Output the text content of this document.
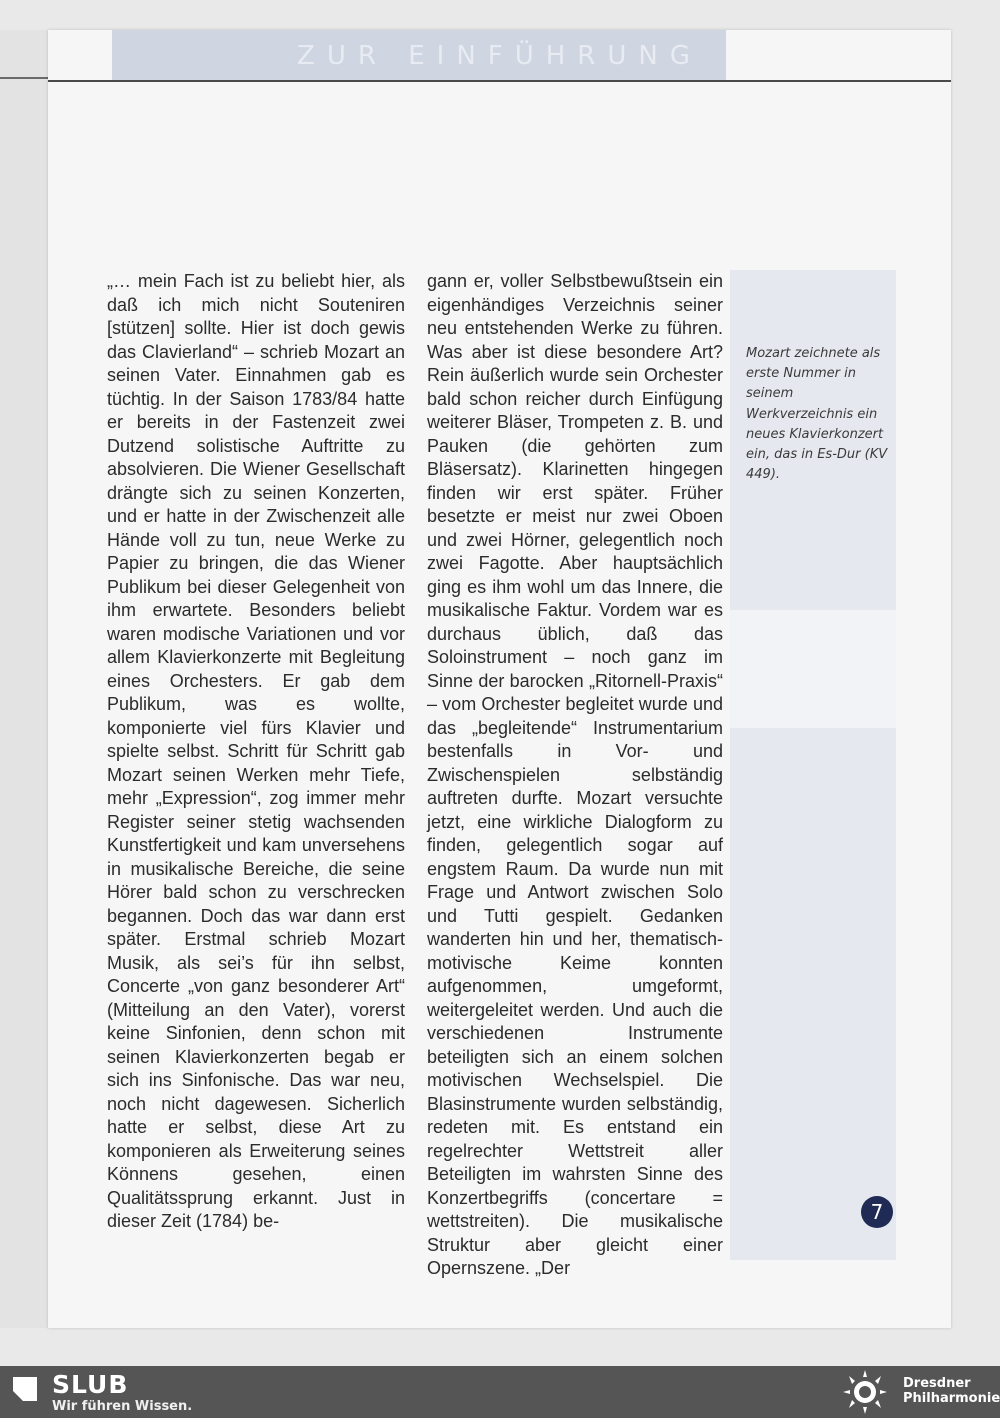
ZUR EINFÜHRUNG

„… mein Fach ist zu beliebt hier, als daß ich mich nicht Souteniren [stützen] sollte. Hier ist doch gewis das Clavierland“ – schrieb Mozart an seinen Vater. Einnahmen gab es tüchtig. In der Saison 1783/84 hatte er bereits in der Fastenzeit zwei Dutzend solistische Auftritte zu absolvieren. Die Wiener Gesellschaft drängte sich zu seinen Konzerten, und er hatte in der Zwischenzeit alle Hände voll zu tun, neue Werke zu Papier zu bringen, die das Wiener Publikum bei dieser Gelegenheit von ihm erwartete. Besonders beliebt waren modische Variationen und vor allem Klavierkonzerte mit Begleitung eines Orchesters. Er gab dem Publikum, was es wollte, komponierte viel fürs Klavier und spielte selbst. Schritt für Schritt gab Mozart seinen Werken mehr Tiefe, mehr „Expression“, zog immer mehr Register seiner stetig wachsenden Kunstfertigkeit und kam unversehens in musikalische Bereiche, die seine Hörer bald schon zu verschrecken begannen. Doch das war dann erst später. Erstmal schrieb Mozart Musik, als sei’s für ihn selbst, Concerte „von ganz besonderer Art“ (Mitteilung an den Vater), vorerst keine Sinfonien, denn schon mit seinen Klavierkonzerten begab er sich ins Sinfonische. Das war neu, noch nicht dagewesen. Sicherlich hatte er selbst, diese Art zu komponieren als Erweiterung seines Könnens gesehen, einen Qualitätssprung erkannt. Just in dieser Zeit (1784) be-

gann er, voller Selbstbewußtsein ein eigenhändiges Verzeichnis seiner neu entstehenden Werke zu führen. Was aber ist diese besondere Art? Rein äußerlich wurde sein Orchester bald schon reicher durch Einfügung weiterer Bläser, Trompeten z. B. und Pauken (die gehörten zum Bläsersatz). Klarinetten hingegen finden wir erst später. Früher besetzte er meist nur zwei Oboen und zwei Hörner, gelegentlich noch zwei Fagotte. Aber hauptsächlich ging es ihm wohl um das Innere, die musikalische Faktur. Vordem war es durchaus üblich, daß das Soloinstrument – noch ganz im Sinne der barocken „Ritornell-Praxis“ – vom Orchester begleitet wurde und das „begleitende“ Instrumentarium bestenfalls in Vor- und Zwischenspielen selbständig auftreten durfte. Mozart versuchte jetzt, eine wirkliche Dialogform zu finden, gelegentlich sogar auf engstem Raum. Da wurde nun mit Frage und Antwort zwischen Solo und Tutti gespielt. Gedanken wanderten hin und her, thematisch-motivische Keime konnten aufgenommen, umgeformt, weitergeleitet werden. Und auch die verschiedenen Instrumente beteiligten sich an einem solchen motivischen Wechselspiel. Die Blasinstrumente wurden selbständig, redeten mit. Es entstand ein regelrechter Wettstreit aller Beteiligten im wahrsten Sinne des Konzertbegriffs (concertare = wettstreiten). Die musikalische Struktur aber gleicht einer Opernszene. „Der

Mozart zeichnete als erste Nummer in seinem Werkverzeichnis ein neues Klavierkonzert ein, das in Es-Dur (KV 449).

7
SLUB
Wir führen Wissen.
Dresdner
Philharmonie
